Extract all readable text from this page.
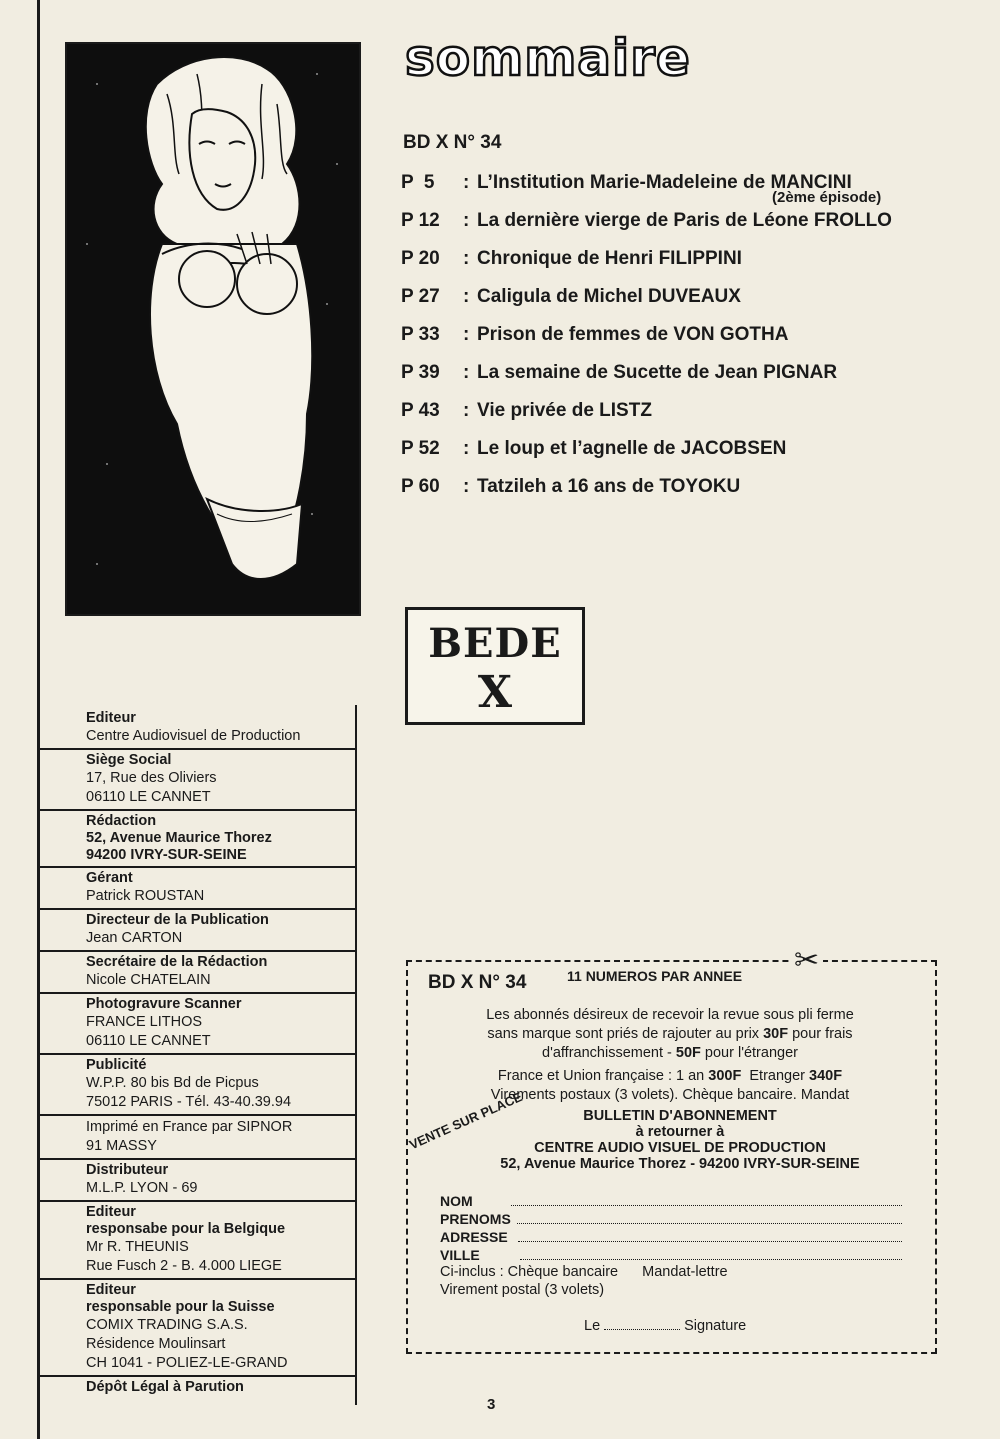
Editeur
Centre Audiovisuel de Production
Siège Social
17, Rue des Oliviers
06110 LE CANNET
Rédaction
52, Avenue Maurice Thorez
94200 IVRY-SUR-SEINE
Gérant
Patrick ROUSTAN
Directeur de la Publication
Jean CARTON
Secrétaire de la Rédaction
Nicole CHATELAIN
Photogravure Scanner
FRANCE LITHOS
06110 LE CANNET
Publicité
W.P.P. 80 bis Bd de Picpus
75012 PARIS - Tél. 43-40.39.94
Imprimé en France par SIPNOR
91 MASSY
Distributeur
M.L.P. LYON - 69
Editeur
responsabe pour la Belgique
Mr R. THEUNIS
Rue Fusch 2 - B. 4.000 LIEGE
Editeur
responsable pour la Suisse
COMIX TRADING S.A.S.
Résidence Moulinsart
CH 1041 - POLIEZ-LE-GRAND
Dépôt Légal à Parution
sommaire
BD X N° 34
P  5	: L’Institution Marie-Madeleine de MANCINI
P 12	: La dernière vierge de Paris de Léone FROLLO
P 20	: Chronique de Henri FILIPPINI
P 27	: Caligula de Michel DUVEAUX
P 33	: Prison de femmes de VON GOTHA
P 39	: La semaine de Sucette de Jean PIGNAR
P 43	: Vie privée de LISTZ
P 52	: Le loup et l’agnelle de JACOBSEN
P 60	: Tatzileh a 16 ans de TOYOKU
(2ème épisode)
BEDE
X
✂
BD X N° 34	11 NUMEROS PAR ANNEE
Les abonnés désireux de recevoir la revue sous pli ferme
sans marque sont priés de rajouter au prix 30F pour frais
d'affranchissement - 50F pour l'étranger
France et Union française : 1 an 300F Etranger 340F
Virements postaux (3 volets). Chèque bancaire. Mandat
BULLETIN D'ABONNEMENT
à retourner à
CENTRE AUDIO VISUEL DE PRODUCTION
52, Avenue Maurice Thorez - 94200 IVRY-SUR-SEINE
VENTE SUR PLACE
NOM
PRENOMS
ADRESSE
VILLE
Ci-inclus : Chèque bancaire Mandat-lettre
Virement postal (3 volets)
Le	Signature
3
